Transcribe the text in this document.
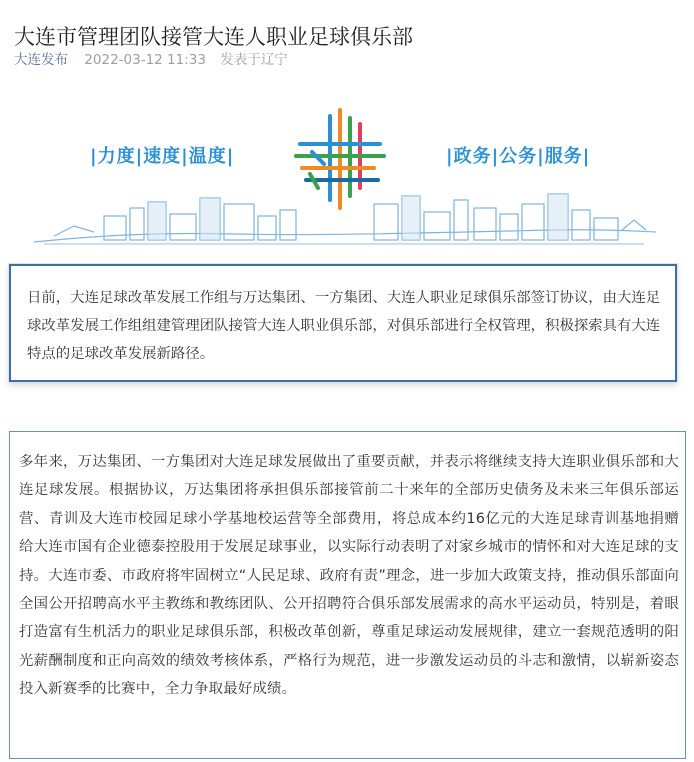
大连市管理团队接管大连人职业足球俱乐部
大连发布 2022-03-12 11:33 发表于辽宁
|力度|速度|温度|	|政务|公务|服务|
日前，大连足球改革发展工作组与万达集团、一方集团、大连人职业足球俱乐部签订协议，由大连足球改革发展工作组组建管理团队接管大连人职业俱乐部，对俱乐部进行全权管理，积极探索具有大连特点的足球改革发展新路径。
多年来，万达集团、一方集团对大连足球发展做出了重要贡献，并表示将继续支持大连职业俱乐部和大连足球发展。根据协议，万达集团将承担俱乐部接管前二十来年的全部历史债务及未来三年俱乐部运营、青训及大连市校园足球小学基地校运营等全部费用，将总成本约16亿元的大连足球青训基地捐赠给大连市国有企业德泰控股用于发展足球事业，以实际行动表明了对家乡城市的情怀和对大连足球的支持。大连市委、市政府将牢固树立“人民足球、政府有责”理念，进一步加大政策支持，推动俱乐部面向全国公开招聘高水平主教练和教练团队、公开招聘符合俱乐部发展需求的高水平运动员，特别是，着眼打造富有生机活力的职业足球俱乐部，积极改革创新，尊重足球运动发展规律，建立一套规范透明的阳光薪酬制度和正向高效的绩效考核体系，严格行为规范，进一步激发运动员的斗志和激情，以崭新姿态投入新赛季的比赛中，全力争取最好成绩。
